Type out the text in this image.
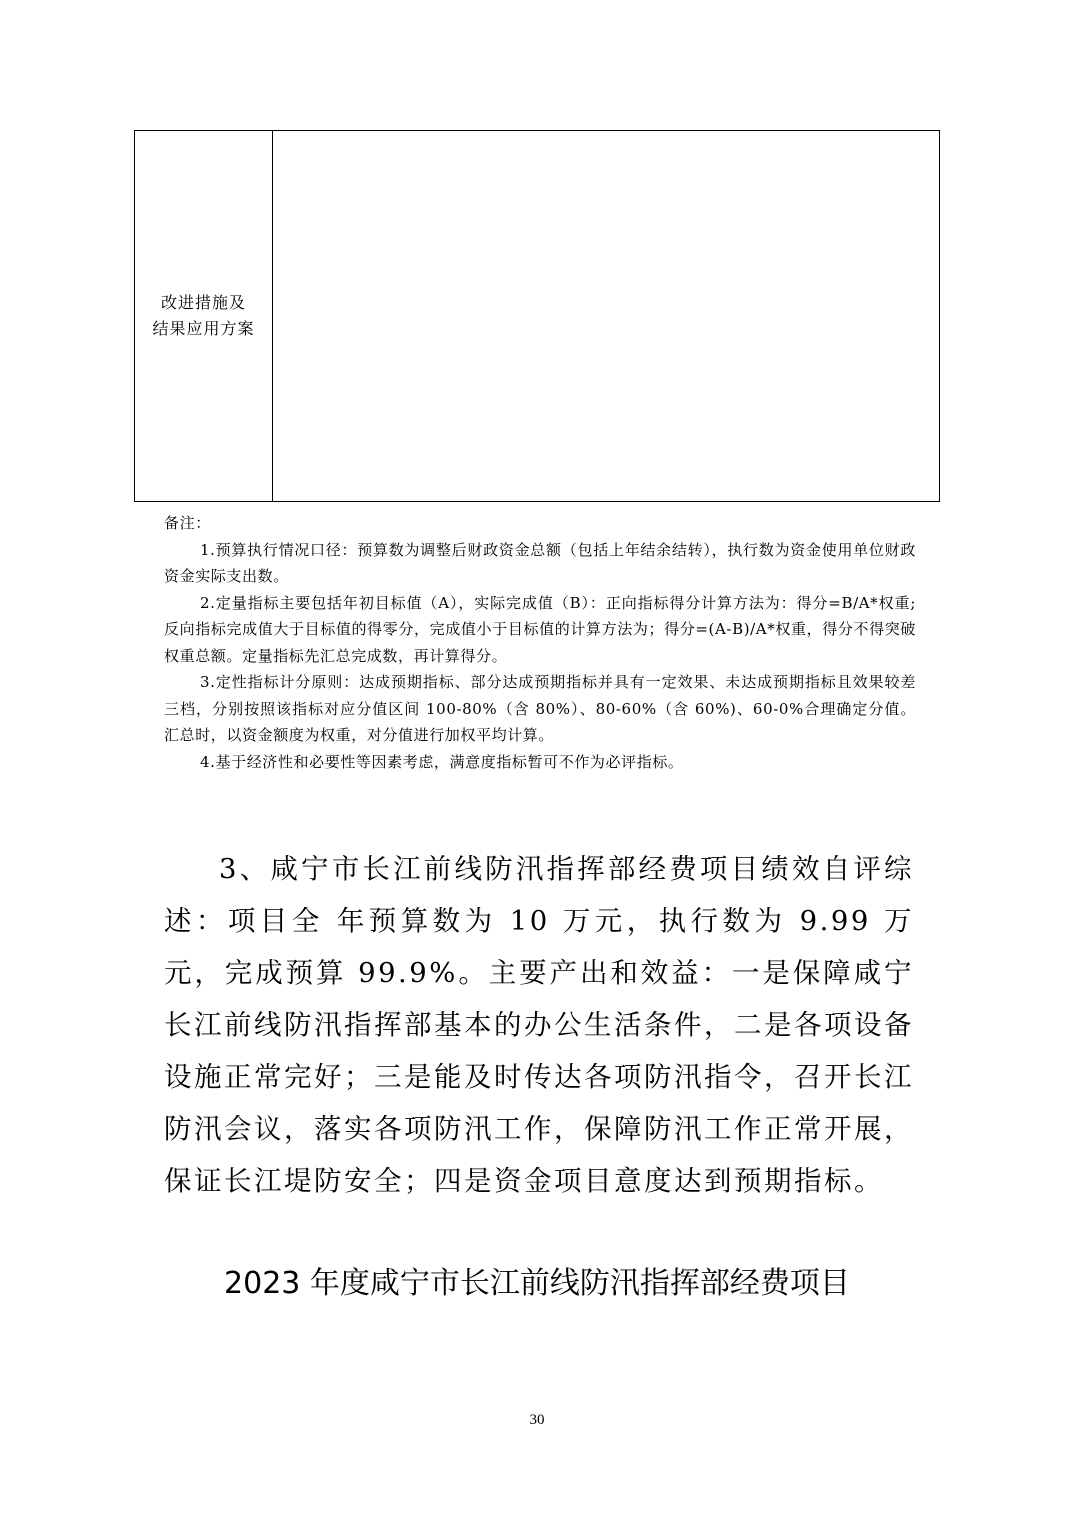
改进措施及
结果应用方案

备注：

1.预算执行情况口径：预算数为调整后财政资金总额（包括上年结余结转），执行数为资金使用单位财政资金实际支出数。

2.定量指标主要包括年初目标值（A），实际完成值（B）：正向指标得分计算方法为：得分=B/A*权重;反向指标完成值大于目标值的得零分，完成值小于目标值的计算方法为；得分=(A-B)/A*权重，得分不得突破权重总额。定量指标先汇总完成数，再计算得分。

3.定性指标计分原则：达成预期指标、部分达成预期指标并具有一定效果、未达成预期指标且效果较差三档，分别按照该指标对应分值区间 100-80%（含 80%）、80-60%（含 60%)、60-0%合理确定分值。汇总时，以资金额度为权重，对分值进行加权平均计算。

4.基于经济性和必要性等因素考虑，满意度指标暂可不作为必评指标。

3、咸宁市长江前线防汛指挥部经费项目绩效自评综述：项目全 年预算数为 10 万元，执行数为 9.99 万元，完成预算 99.9%。主要产出和效益：一是保障咸宁长江前线防汛指挥部基本的办公生活条件，二是各项设备设施正常完好；三是能及时传达各项防汛指令，召开长江防汛会议，落实各项防汛工作，保障防汛工作正常开展，保证长江堤防安全；四是资金项目意度达到预期指标。

2023 年度咸宁市长江前线防汛指挥部经费项目
30
